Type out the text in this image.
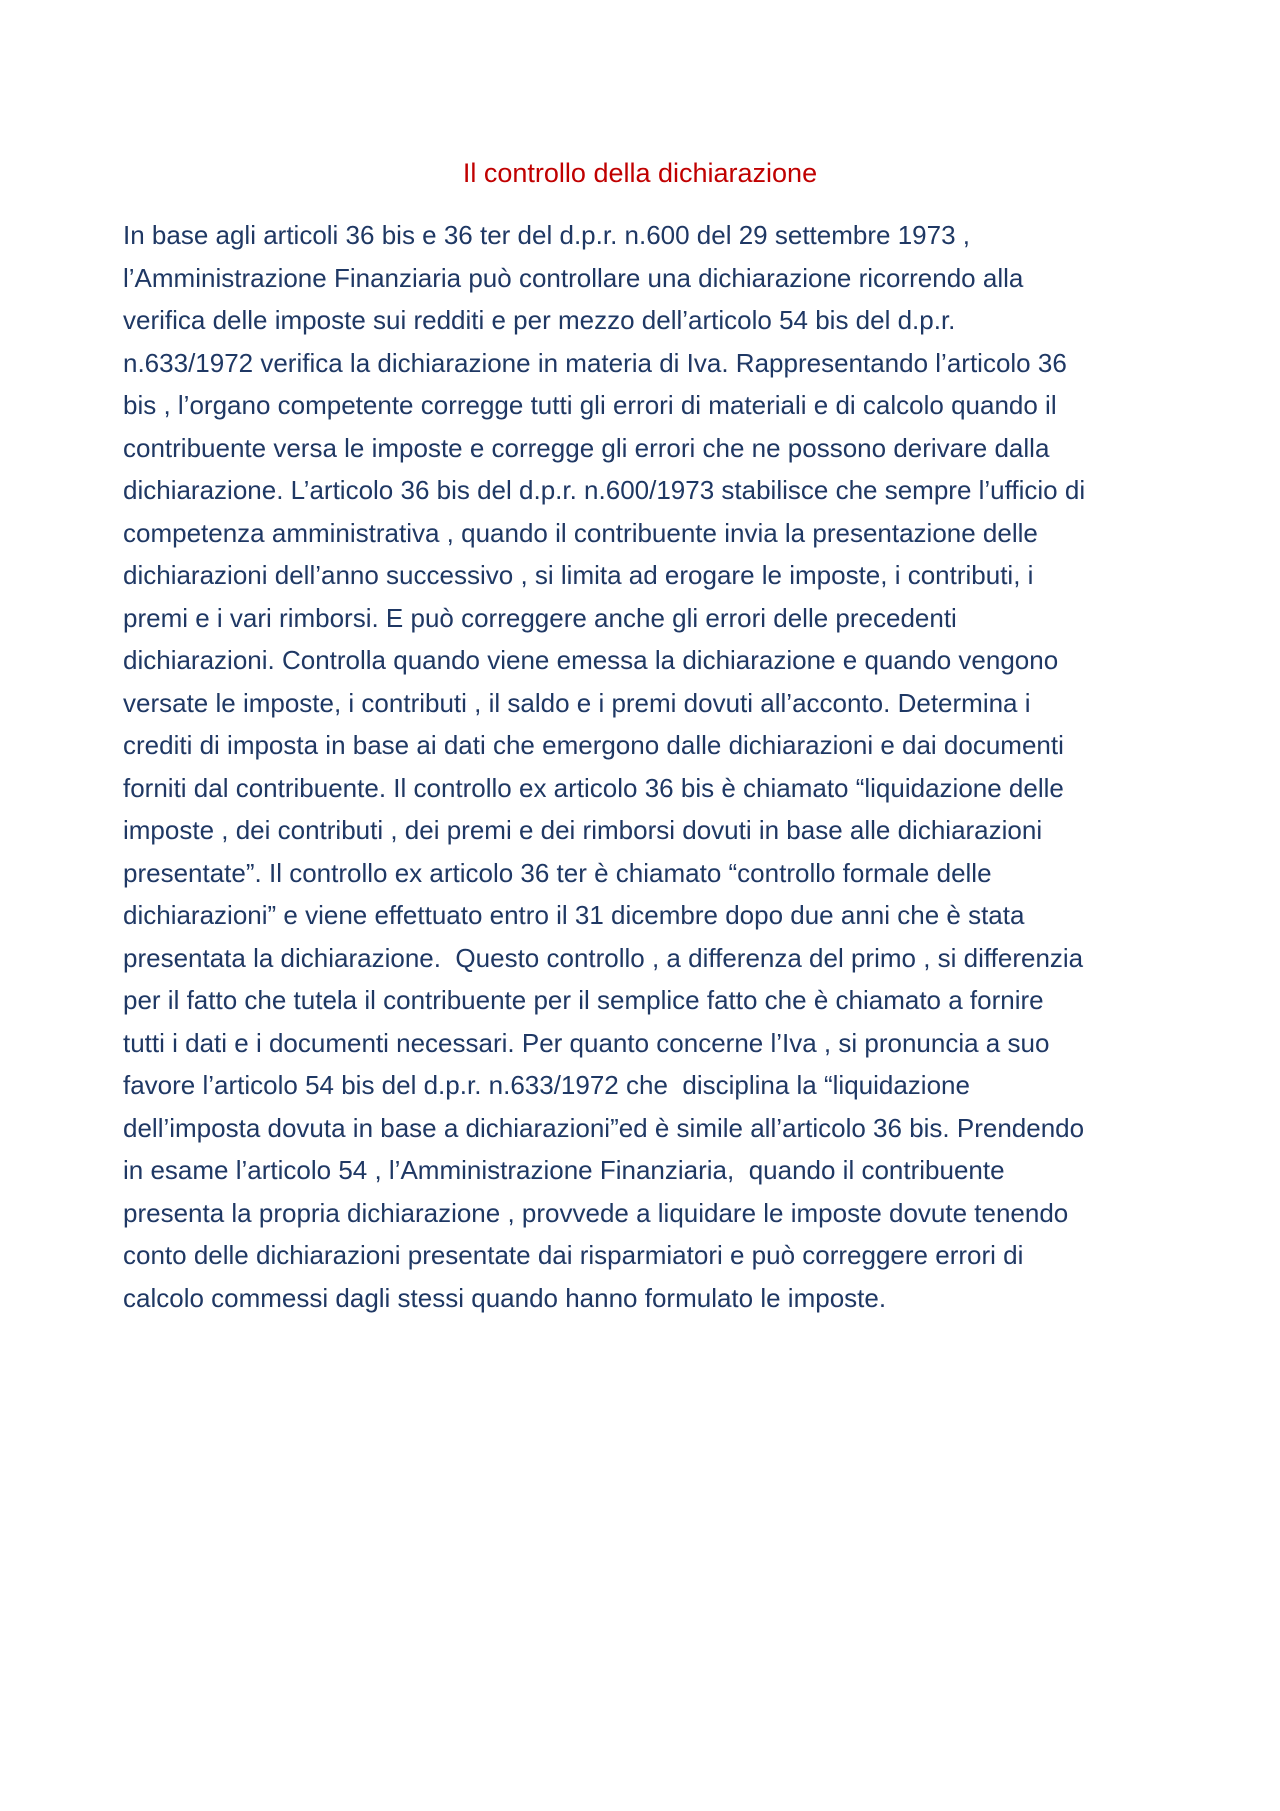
Il controllo della dichiarazione
In base agli articoli 36 bis e 36 ter del d.p.r. n.600 del 29 settembre 1973 ,
l’Amministrazione Finanziaria può controllare una dichiarazione ricorrendo alla
verifica delle imposte sui redditi e per mezzo dell’articolo 54 bis del d.p.r.
n.633/1972 verifica la dichiarazione in materia di Iva. Rappresentando l’articolo 36
bis , l’organo competente corregge tutti gli errori di materiali e di calcolo quando il
contribuente versa le imposte e corregge gli errori che ne possono derivare dalla
dichiarazione. L’articolo 36 bis del d.p.r. n.600/1973 stabilisce che sempre l’ufficio di
competenza amministrativa , quando il contribuente invia la presentazione delle
dichiarazioni dell’anno successivo , si limita ad erogare le imposte, i contributi, i
premi e i vari rimborsi. E può correggere anche gli errori delle precedenti
dichiarazioni. Controlla quando viene emessa la dichiarazione e quando vengono
versate le imposte, i contributi , il saldo e i premi dovuti all’acconto. Determina i
crediti di imposta in base ai dati che emergono dalle dichiarazioni e dai documenti
forniti dal contribuente. Il controllo ex articolo 36 bis è chiamato “liquidazione delle
imposte , dei contributi , dei premi e dei rimborsi dovuti in base alle dichiarazioni
presentate”. Il controllo ex articolo 36 ter è chiamato “controllo formale delle
dichiarazioni” e viene effettuato entro il 31 dicembre dopo due anni che è stata
presentata la dichiarazione.  Questo controllo , a differenza del primo , si differenzia
per il fatto che tutela il contribuente per il semplice fatto che è chiamato a fornire
tutti i dati e i documenti necessari. Per quanto concerne l’Iva , si pronuncia a suo
favore l’articolo 54 bis del d.p.r. n.633/1972 che  disciplina la “liquidazione
dell’imposta dovuta in base a dichiarazioni”ed è simile all’articolo 36 bis. Prendendo
in esame l’articolo 54 , l’Amministrazione Finanziaria,  quando il contribuente
presenta la propria dichiarazione , provvede a liquidare le imposte dovute tenendo
conto delle dichiarazioni presentate dai risparmiatori e può correggere errori di
calcolo commessi dagli stessi quando hanno formulato le imposte.
